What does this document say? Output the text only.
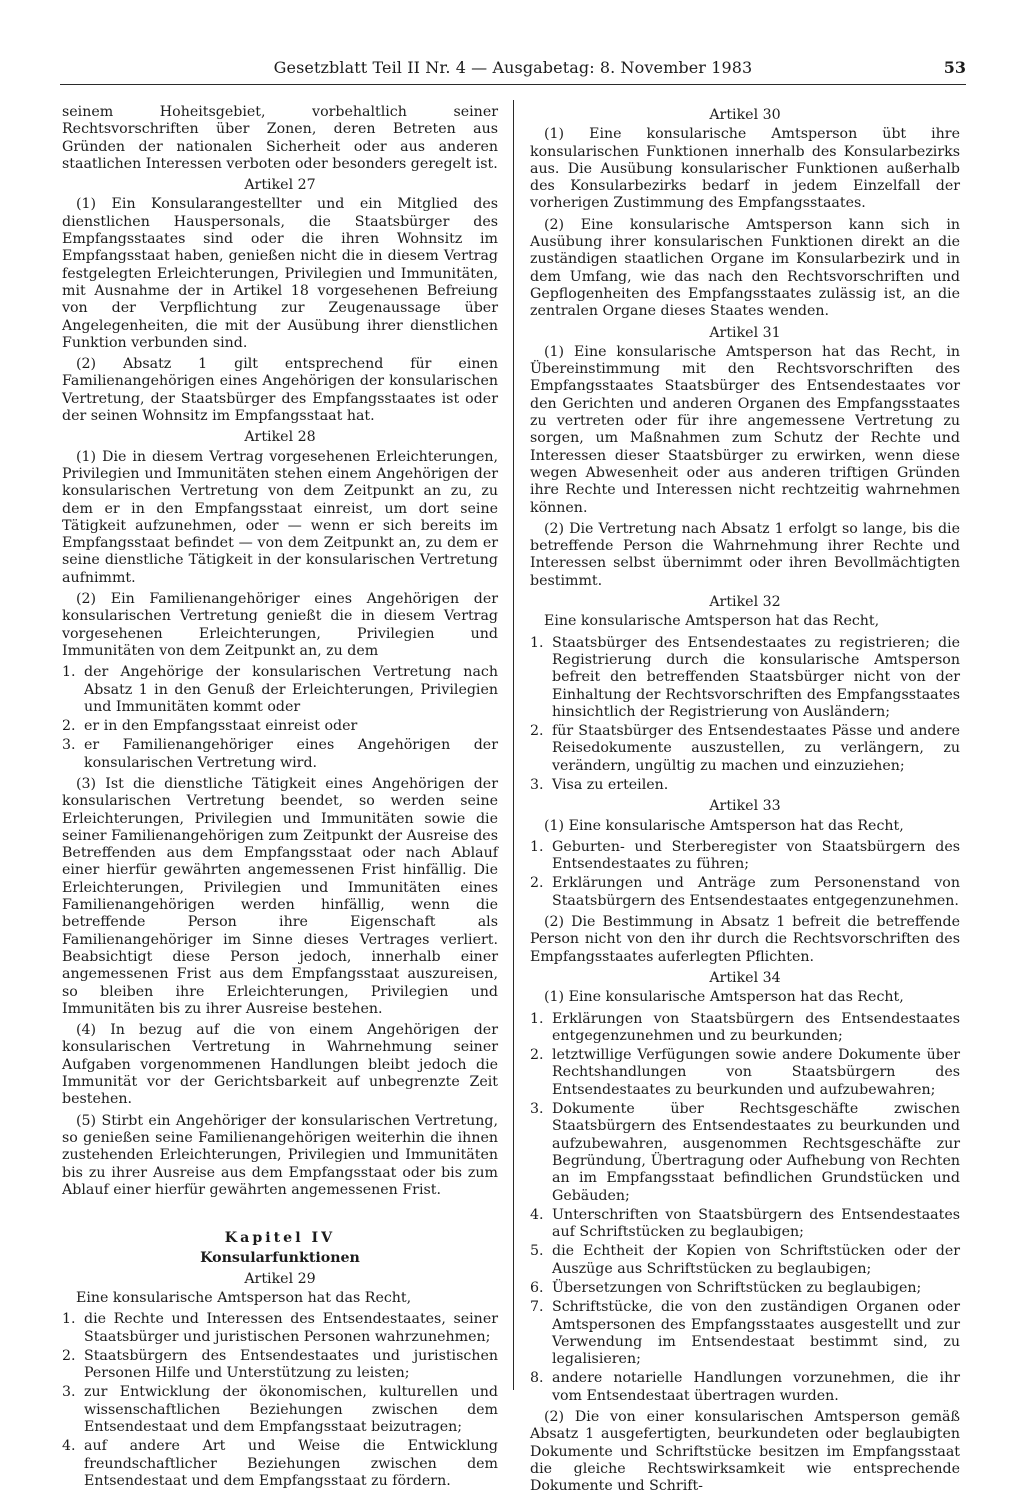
Gesetzblatt Teil II Nr. 4 — Ausgabetag: 8. November 1983	53

seinem Hoheitsgebiet, vorbehaltlich seiner Rechtsvorschriften über Zonen, deren Betreten aus Gründen der nationalen Sicherheit oder aus anderen staatlichen Interessen verboten oder besonders geregelt ist.

Artikel 27

(1) Ein Konsularangestellter und ein Mitglied des dienstlichen Hauspersonals, die Staatsbürger des Empfangsstaates sind oder die ihren Wohnsitz im Empfangsstaat haben, genießen nicht die in diesem Vertrag festgelegten Erleichterungen, Privilegien und Immunitäten, mit Ausnahme der in Artikel 18 vorgesehenen Befreiung von der Verpflichtung zur Zeugenaussage über Angelegenheiten, die mit der Ausübung ihrer dienstlichen Funktion verbunden sind.

(2) Absatz 1 gilt entsprechend für einen Familienangehörigen eines Angehörigen der konsularischen Vertretung, der Staatsbürger des Empfangsstaates ist oder der seinen Wohnsitz im Empfangsstaat hat.

Artikel 28

(1) Die in diesem Vertrag vorgesehenen Erleichterungen, Privilegien und Immunitäten stehen einem Angehörigen der konsularischen Vertretung von dem Zeitpunkt an zu, zu dem er in den Empfangsstaat einreist, um dort seine Tätigkeit aufzunehmen, oder — wenn er sich bereits im Empfangsstaat befindet — von dem Zeitpunkt an, zu dem er seine dienstliche Tätigkeit in der konsularischen Vertretung aufnimmt.

(2) Ein Familienangehöriger eines Angehörigen der konsularischen Vertretung genießt die in diesem Vertrag vorgesehenen Erleichterungen, Privilegien und Immunitäten von dem Zeitpunkt an, zu dem

1. der Angehörige der konsularischen Vertretung nach Absatz 1 in den Genuß der Erleichterungen, Privilegien und Immunitäten kommt oder
2. er in den Empfangsstaat einreist oder
3. er Familienangehöriger eines Angehörigen der konsularischen Vertretung wird.

(3) Ist die dienstliche Tätigkeit eines Angehörigen der konsularischen Vertretung beendet, so werden seine Erleichterungen, Privilegien und Immunitäten sowie die seiner Familienangehörigen zum Zeitpunkt der Ausreise des Betreffenden aus dem Empfangsstaat oder nach Ablauf einer hierfür gewährten angemessenen Frist hinfällig. Die Erleichterungen, Privilegien und Immunitäten eines Familienangehörigen werden hinfällig, wenn die betreffende Person ihre Eigenschaft als Familienangehöriger im Sinne dieses Vertrages verliert. Beabsichtigt diese Person jedoch, innerhalb einer angemessenen Frist aus dem Empfangsstaat auszureisen, so bleiben ihre Erleichterungen, Privilegien und Immunitäten bis zu ihrer Ausreise bestehen.

(4) In bezug auf die von einem Angehörigen der konsularischen Vertretung in Wahrnehmung seiner Aufgaben vorgenommenen Handlungen bleibt jedoch die Immunität vor der Gerichtsbarkeit auf unbegrenzte Zeit bestehen.

(5) Stirbt ein Angehöriger der konsularischen Vertretung, so genießen seine Familienangehörigen weiterhin die ihnen zustehenden Erleichterungen, Privilegien und Immunitäten bis zu ihrer Ausreise aus dem Empfangsstaat oder bis zum Ablauf einer hierfür gewährten angemessenen Frist.

Kapitel IV
Konsularfunktionen
Artikel 29

Eine konsularische Amtsperson hat das Recht,

1. die Rechte und Interessen des Entsendestaates, seiner Staatsbürger und juristischen Personen wahrzunehmen;
2. Staatsbürgern des Entsendestaates und juristischen Personen Hilfe und Unterstützung zu leisten;
3. zur Entwicklung der ökonomischen, kulturellen und wissenschaftlichen Beziehungen zwischen dem Entsendestaat und dem Empfangsstaat beizutragen;
4. auf andere Art und Weise die Entwicklung freundschaftlicher Beziehungen zwischen dem Entsendestaat und dem Empfangsstaat zu fördern.
Artikel 30

(1) Eine konsularische Amtsperson übt ihre konsularischen Funktionen innerhalb des Konsularbezirks aus. Die Ausübung konsularischer Funktionen außerhalb des Konsularbezirks bedarf in jedem Einzelfall der vorherigen Zustimmung des Empfangsstaates.

(2) Eine konsularische Amtsperson kann sich in Ausübung ihrer konsularischen Funktionen direkt an die zuständigen staatlichen Organe im Konsularbezirk und in dem Umfang, wie das nach den Rechtsvorschriften und Gepflogenheiten des Empfangsstaates zulässig ist, an die zentralen Organe dieses Staates wenden.

Artikel 31

(1) Eine konsularische Amtsperson hat das Recht, in Übereinstimmung mit den Rechtsvorschriften des Empfangsstaates Staatsbürger des Entsendestaates vor den Gerichten und anderen Organen des Empfangsstaates zu vertreten oder für ihre angemessene Vertretung zu sorgen, um Maßnahmen zum Schutz der Rechte und Interessen dieser Staatsbürger zu erwirken, wenn diese wegen Abwesenheit oder aus anderen triftigen Gründen ihre Rechte und Interessen nicht rechtzeitig wahrnehmen können.

(2) Die Vertretung nach Absatz 1 erfolgt so lange, bis die betreffende Person die Wahrnehmung ihrer Rechte und Interessen selbst übernimmt oder ihren Bevollmächtigten bestimmt.

Artikel 32

Eine konsularische Amtsperson hat das Recht,

1. Staatsbürger des Entsendestaates zu registrieren; die Registrierung durch die konsularische Amtsperson befreit den betreffenden Staatsbürger nicht von der Einhaltung der Rechtsvorschriften des Empfangsstaates hinsichtlich der Registrierung von Ausländern;
2. für Staatsbürger des Entsendestaates Pässe und andere Reisedokumente auszustellen, zu verlängern, zu verändern, ungültig zu machen und einzuziehen;
3. Visa zu erteilen.
Artikel 33

(1) Eine konsularische Amtsperson hat das Recht,

1. Geburten- und Sterberegister von Staatsbürgern des Entsendestaates zu führen;
2. Erklärungen und Anträge zum Personenstand von Staatsbürgern des Entsendestaates entgegenzunehmen.

(2) Die Bestimmung in Absatz 1 befreit die betreffende Person nicht von den ihr durch die Rechtsvorschriften des Empfangsstaates auferlegten Pflichten.

Artikel 34

(1) Eine konsularische Amtsperson hat das Recht,

1. Erklärungen von Staatsbürgern des Entsendestaates entgegenzunehmen und zu beurkunden;
2. letztwillige Verfügungen sowie andere Dokumente über Rechtshandlungen von Staatsbürgern des Entsendestaates zu beurkunden und aufzubewahren;
3. Dokumente über Rechtsgeschäfte zwischen Staatsbürgern des Entsendestaates zu beurkunden und aufzubewahren, ausgenommen Rechtsgeschäfte zur Begründung, Übertragung oder Aufhebung von Rechten an im Empfangsstaat befindlichen Grundstücken und Gebäuden;
4. Unterschriften von Staatsbürgern des Entsendestaates auf Schriftstücken zu beglaubigen;
5. die Echtheit der Kopien von Schriftstücken oder der Auszüge aus Schriftstücken zu beglaubigen;
6. Übersetzungen von Schriftstücken zu beglaubigen;
7. Schriftstücke, die von den zuständigen Organen oder Amtspersonen des Empfangsstaates ausgestellt und zur Verwendung im Entsendestaat bestimmt sind, zu legalisieren;
8. andere notarielle Handlungen vorzunehmen, die ihr vom Entsendestaat übertragen wurden.

(2) Die von einer konsularischen Amtsperson gemäß Absatz 1 ausgefertigten, beurkundeten oder beglaubigten Dokumente und Schriftstücke besitzen im Empfangsstaat die gleiche Rechtswirksamkeit wie entsprechende Dokumente und Schrift-
